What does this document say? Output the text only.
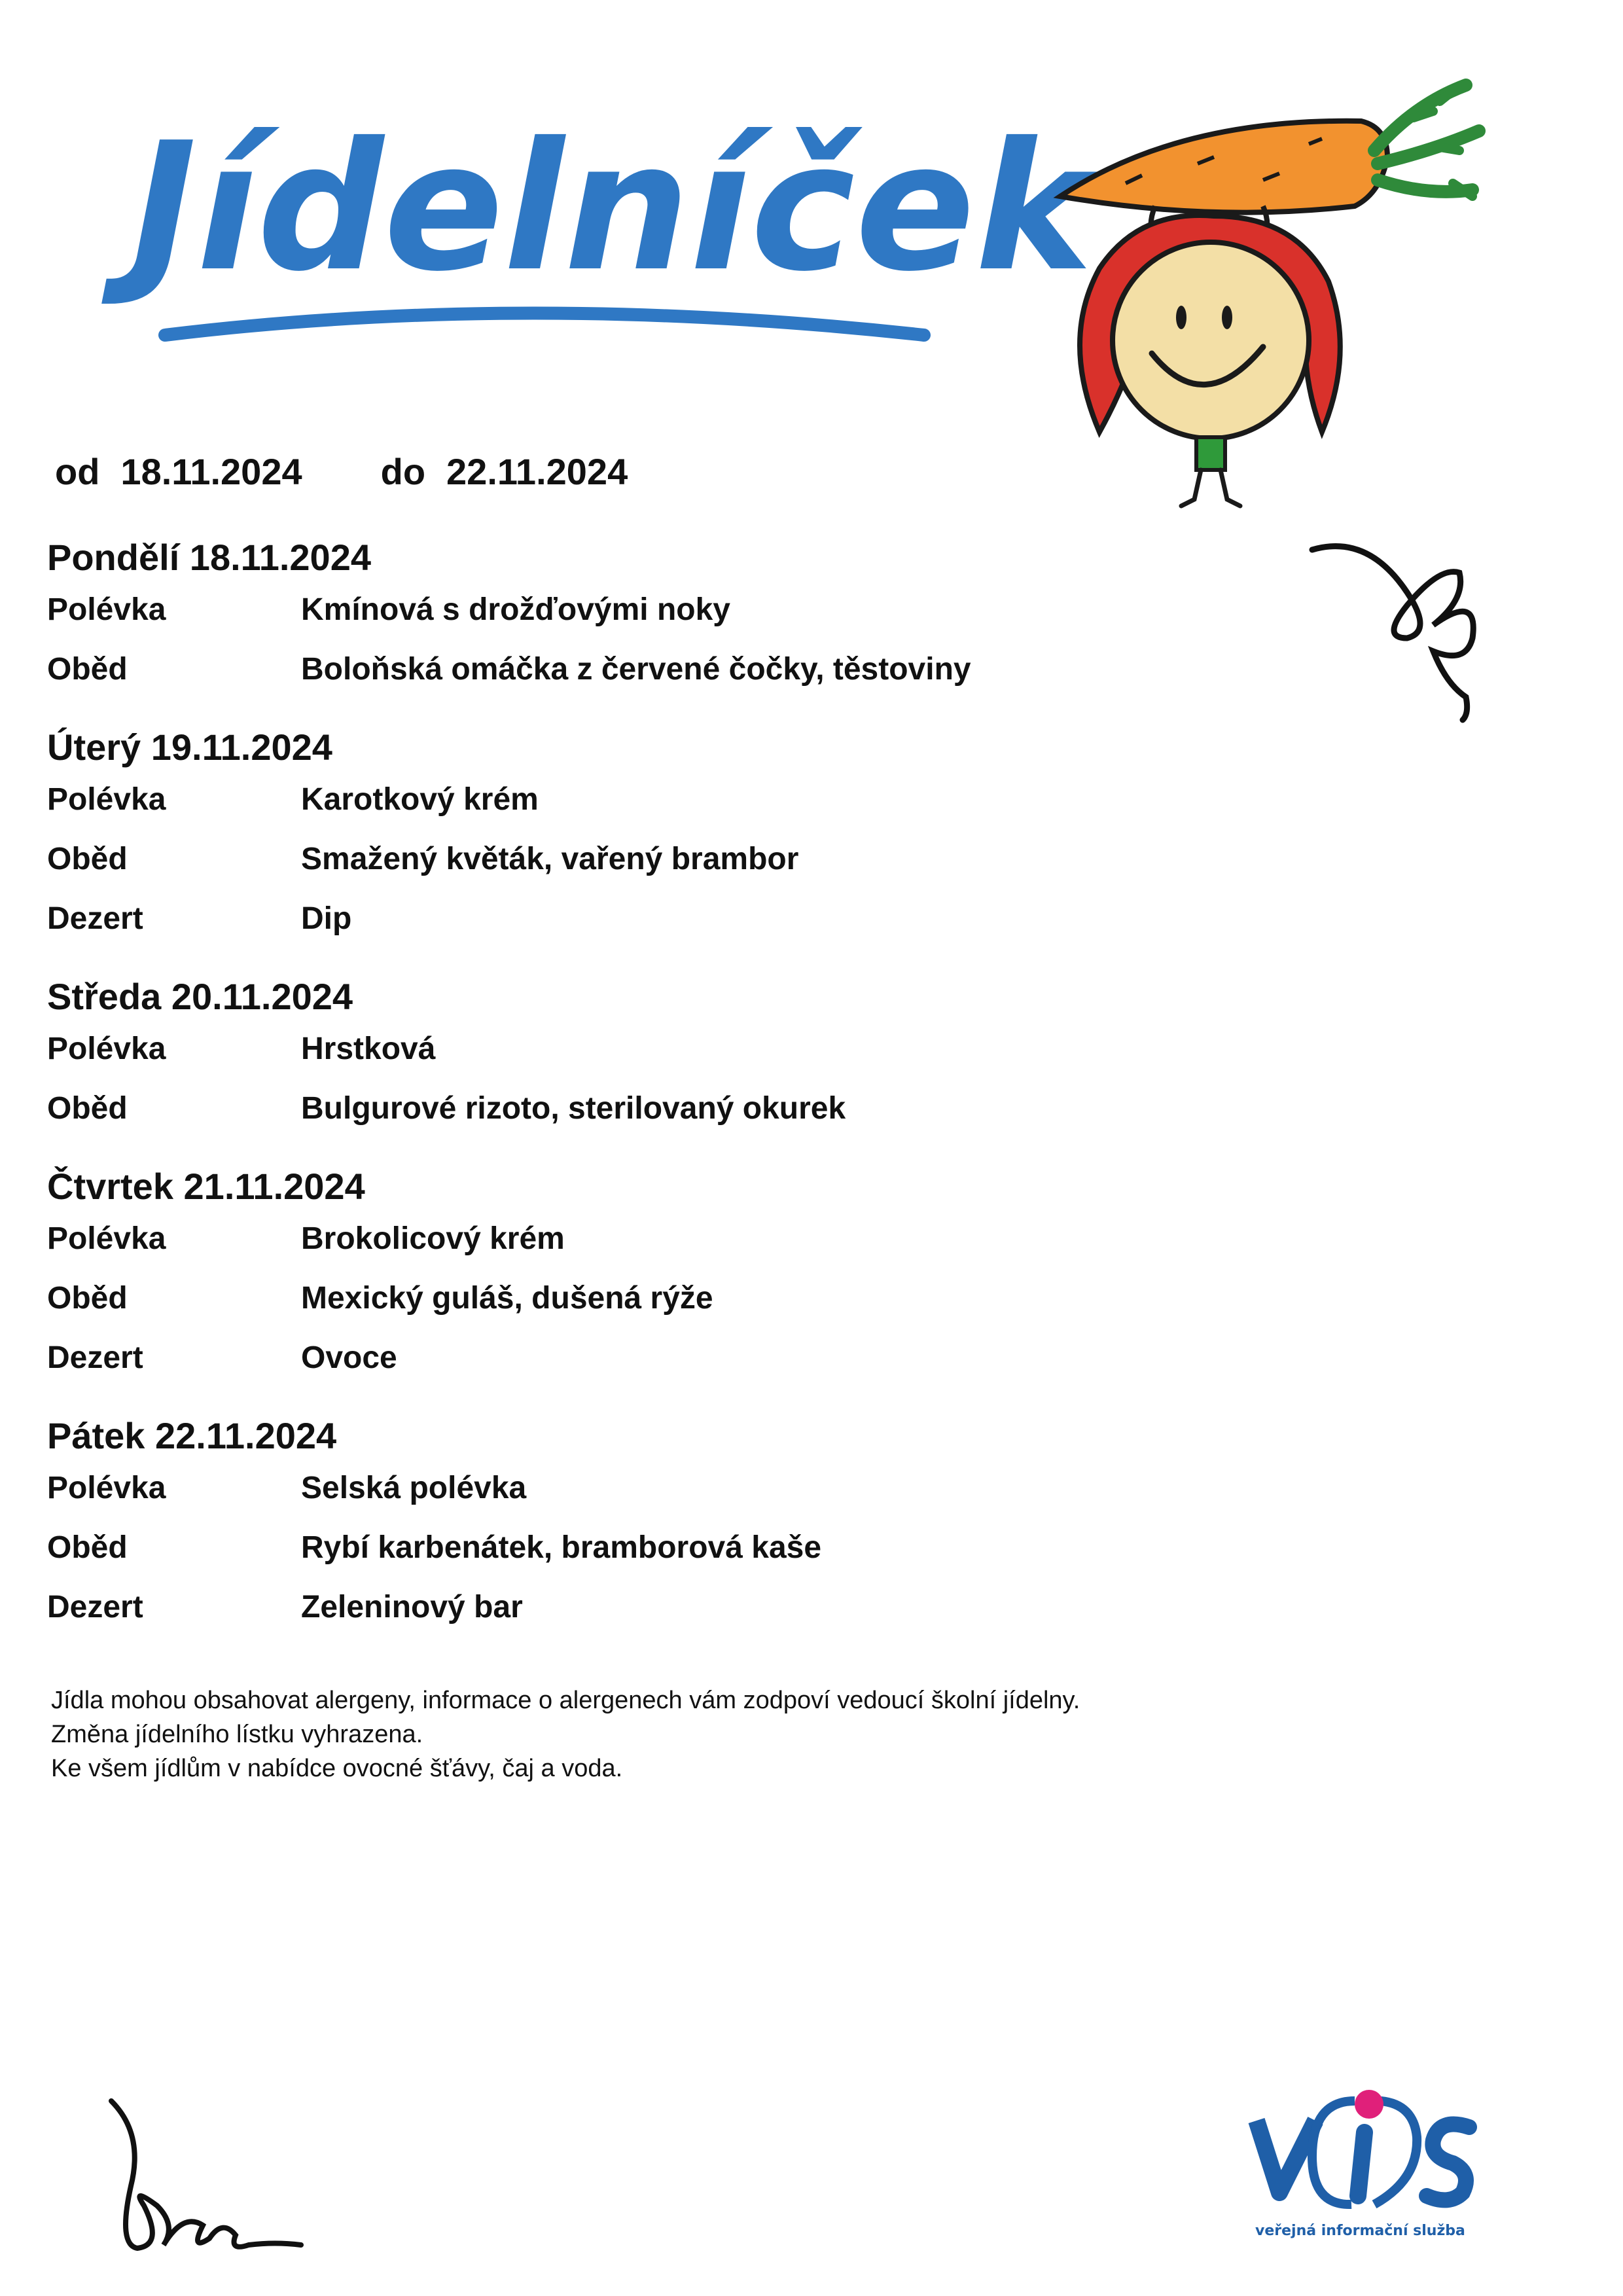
Jídelníček
od 18.11.2024 do 22.11.2024
Pondělí 18.11.2024
Polévka	Kmínová s drožďovými noky
Oběd	Boloňská omáčka z červené čočky, těstoviny
Úterý 19.11.2024
Polévka	Karotkový krém
Oběd	Smažený květák, vařený brambor
Dezert	Dip
Středa 20.11.2024
Polévka	Hrstková
Oběd	Bulgurové rizoto, sterilovaný okurek
Čtvrtek 21.11.2024
Polévka	Brokolicový krém
Oběd	Mexický guláš, dušená rýže
Dezert	Ovoce
Pátek 22.11.2024
Polévka	Selská polévka
Oběd	Rybí karbenátek, bramborová kaše
Dezert	Zeleninový bar
Jídla mohou obsahovat alergeny, informace o alergenech vám zodpoví vedoucí školní jídelny.
Změna jídelního lístku vyhrazena.
Ke všem jídlům v nabídce ovocné šťávy, čaj a voda.
veřejná informační služba
